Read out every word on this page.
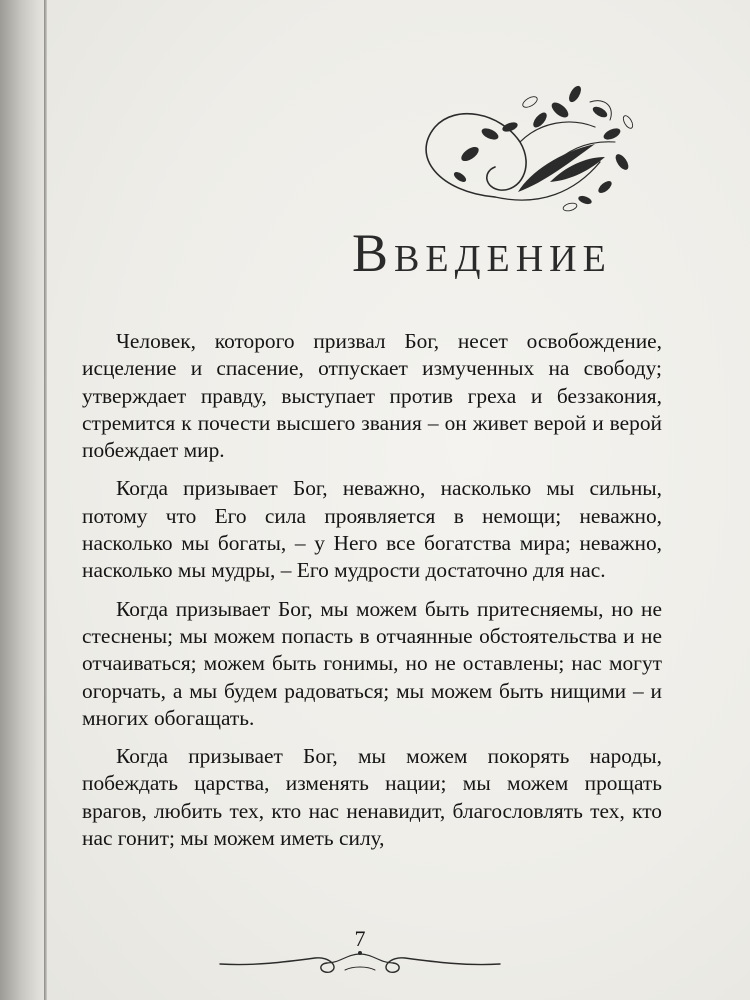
Введение

Человек, которого призвал Бог, несет освобождение, исцеление и спасение, отпускает измученных на свободу; утверждает правду, выступает против греха и беззакония, стремится к почести высшего звания – он живет верой и верой побеждает мир.

Когда призывает Бог, неважно, насколько мы сильны, потому что Его сила проявляется в немощи; неважно, насколько мы богаты, – у Него все богатства мира; неважно, насколько мы мудры, – Его мудрости достаточно для нас.

Когда призывает Бог, мы можем быть притесняемы, но не стеснены; мы можем попасть в отчаянные обстоятельства и не отчаиваться; можем быть гонимы, но не оставлены; нас могут огорчать, а мы будем радоваться; мы можем быть нищими – и многих обогащать.

Когда призывает Бог, мы можем покорять народы, побеждать царства, изменять нации; мы можем прощать врагов, любить тех, кто нас ненавидит, благословлять тех, кто нас гонит; мы можем иметь силу,

7
